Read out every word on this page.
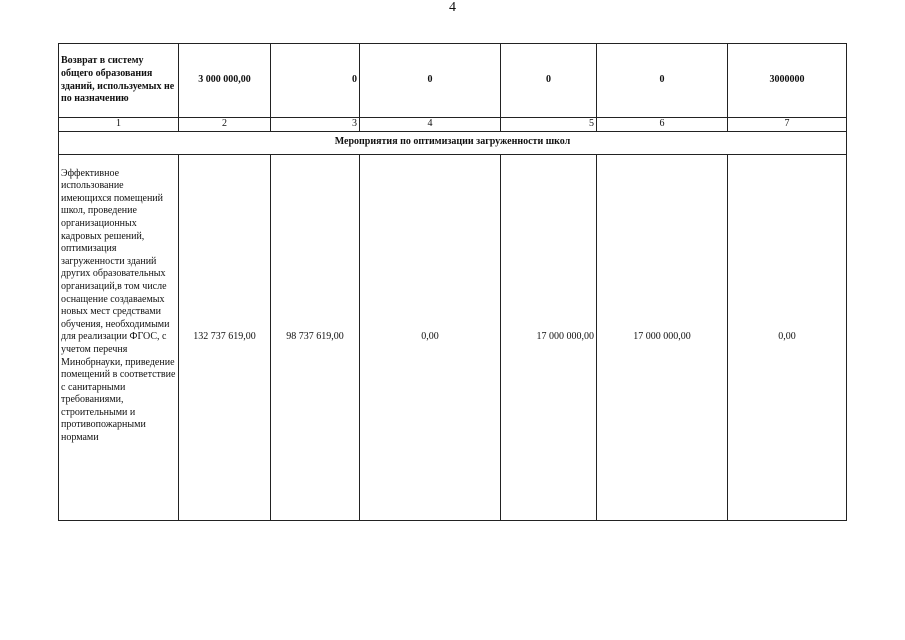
4
Возврат в систему общего образования зданий, используемых не по назначению	3 000 000,00	0	0	0	0	3000000
1	2	3	4	5	6	7
Мероприятия по оптимизации загруженности школ						
Эффективное использование имеющихся помещений школ, проведение организационных кадровых решений, оптимизация загруженности зданий других образовательных организаций,в том числе оснащение создаваемых новых мест средствами обучения, необходимыми для реализации ФГОС, с учетом перечня Минобрнауки, приведение помещений в соответствие с санитарными требованиями, строительными и противопожарными нормами	132 737 619,00	98 737 619,00	0,00	17 000 000,00	17 000 000,00	0,00
